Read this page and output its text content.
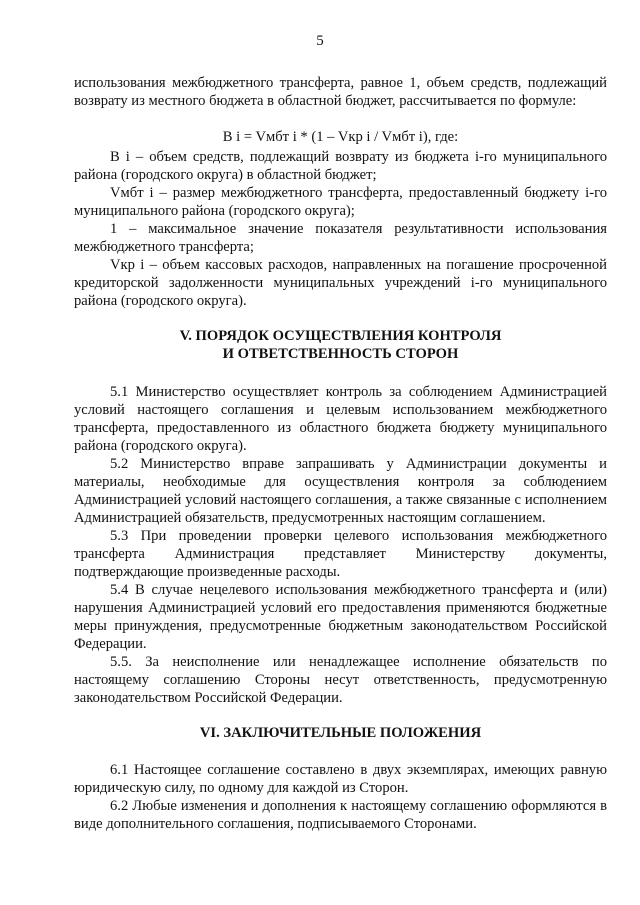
5

использования межбюджетного трансферта, равное 1, объем средств, подлежащий возврату из местного бюджета в областной бюджет, рассчитывается по формуле:

В i = Vмбт i * (1 – Vкр i / Vмбт i), где:

В i – объем средств, подлежащий возврату из бюджета i-го муниципального района (городского округа) в областной бюджет;

Vмбт i – размер межбюджетного трансферта, предоставленный бюджету i-го муниципального района (городского округа);

1 – максимальное значение показателя результативности использования межбюджетного трансферта;

Vкр i – объем кассовых расходов, направленных на погашение просроченной кредиторской задолженности муниципальных учреждений i-го муниципального района (городского округа).

V. ПОРЯДОК ОСУЩЕСТВЛЕНИЯ КОНТРОЛЯ
И ОТВЕТСТВЕННОСТЬ СТОРОН

5.1 Министерство осуществляет контроль за соблюдением Администрацией условий настоящего соглашения и целевым использованием межбюджетного трансферта, предоставленного из областного бюджета бюджету муниципального района (городского округа).

5.2 Министерство вправе запрашивать у Администрации документы и материалы, необходимые для осуществления контроля за соблюдением Администрацией условий настоящего соглашения, а также связанные с исполнением Администрацией обязательств, предусмотренных настоящим соглашением.

5.3 При проведении проверки целевого использования межбюджетного трансферта Администрация представляет Министерству документы, подтверждающие произведенные расходы.

5.4 В случае нецелевого использования межбюджетного трансферта и (или) нарушения Администрацией условий его предоставления применяются бюджетные меры принуждения, предусмотренные бюджетным законодательством Российской Федерации.

5.5. За неисполнение или ненадлежащее исполнение обязательств по настоящему соглашению Стороны несут ответственность, предусмотренную законодательством Российской Федерации.

VI. ЗАКЛЮЧИТЕЛЬНЫЕ ПОЛОЖЕНИЯ

6.1 Настоящее соглашение составлено в двух экземплярах, имеющих равную юридическую силу, по одному для каждой из Сторон.

6.2 Любые изменения и дополнения к настоящему соглашению оформляются в виде дополнительного соглашения, подписываемого Сторонами.
